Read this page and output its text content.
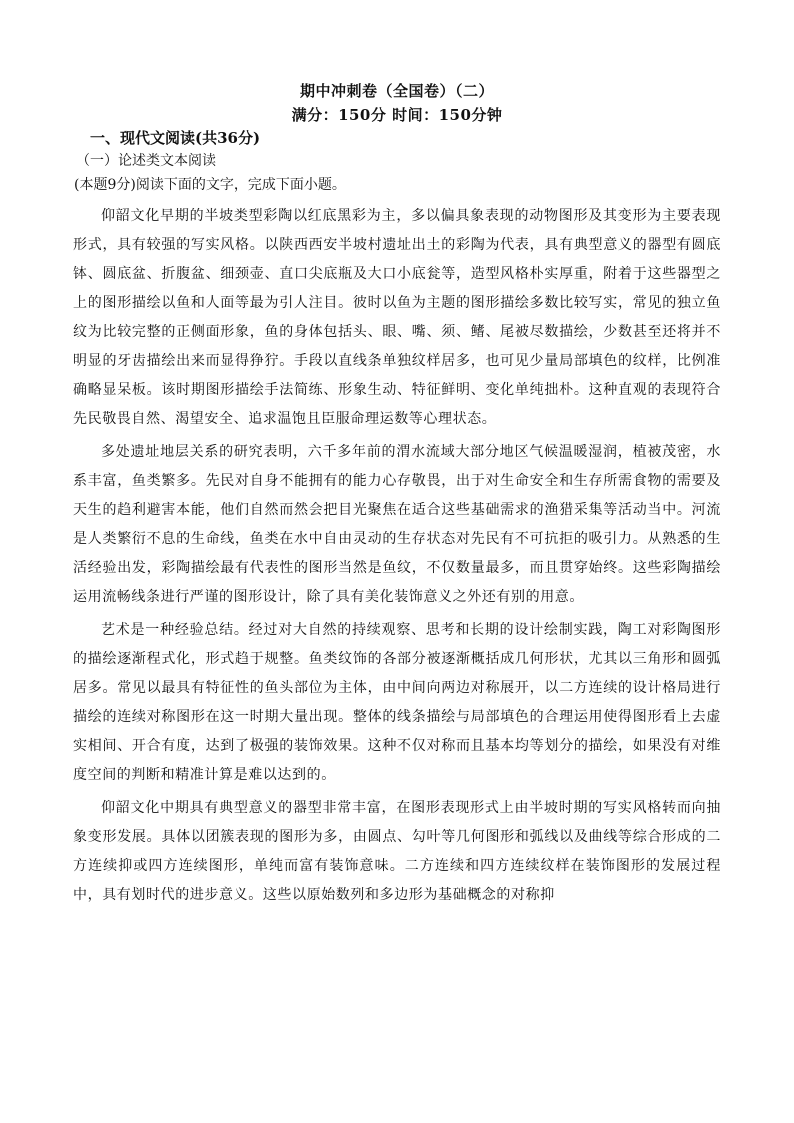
期中冲刺卷（全国卷）（二）
满分：150分 时间：150分钟
一、现代文阅读(共36分)
（一）论述类文本阅读
(本题9分)阅读下面的文字，完成下面小题。

仰韶文化早期的半坡类型彩陶以红底黑彩为主，多以偏具象表现的动物图形及其变形为主要表现形式，具有较强的写实风格。以陕西西安半坡村遗址出土的彩陶为代表，具有典型意义的器型有圆底钵、圆底盆、折腹盆、细颈壶、直口尖底瓶及大口小底瓮等，造型风格朴实厚重，附着于这些器型之上的图形描绘以鱼和人面等最为引人注目。彼时以鱼为主题的图形描绘多数比较写实，常见的独立鱼纹为比较完整的正侧面形象，鱼的身体包括头、眼、嘴、须、鳍、尾被尽数描绘，少数甚至还将并不明显的牙齿描绘出来而显得狰狞。手段以直线条单独纹样居多，也可见少量局部填色的纹样，比例准确略显呆板。该时期图形描绘手法简练、形象生动、特征鲜明、变化单纯拙朴。这种直观的表现符合先民敬畏自然、渴望安全、追求温饱且臣服命理运数等心理状态。

多处遗址地层关系的研究表明，六千多年前的渭水流域大部分地区气候温暖湿润，植被茂密，水系丰富，鱼类繁多。先民对自身不能拥有的能力心存敬畏，出于对生命安全和生存所需食物的需要及天生的趋利避害本能，他们自然而然会把目光聚焦在适合这些基础需求的渔猎采集等活动当中。河流是人类繁衍不息的生命线，鱼类在水中自由灵动的生存状态对先民有不可抗拒的吸引力。从熟悉的生活经验出发，彩陶描绘最有代表性的图形当然是鱼纹，不仅数量最多，而且贯穿始终。这些彩陶描绘运用流畅线条进行严谨的图形设计，除了具有美化装饰意义之外还有别的用意。

艺术是一种经验总结。经过对大自然的持续观察、思考和长期的设计绘制实践，陶工对彩陶图形的描绘逐渐程式化，形式趋于规整。鱼类纹饰的各部分被逐渐概括成几何形状，尤其以三角形和圆弧居多。常见以最具有特征性的鱼头部位为主体，由中间向两边对称展开，以二方连续的设计格局进行描绘的连续对称图形在这一时期大量出现。整体的线条描绘与局部填色的合理运用使得图形看上去虚实相间、开合有度，达到了极强的装饰效果。这种不仅对称而且基本均等划分的描绘，如果没有对维度空间的判断和精准计算是难以达到的。

仰韶文化中期具有典型意义的器型非常丰富，在图形表现形式上由半坡时期的写实风格转而向抽象变形发展。具体以团簇表现的图形为多，由圆点、勾叶等几何图形和弧线以及曲线等综合形成的二方连续抑或四方连续图形，单纯而富有装饰意味。二方连续和四方连续纹样在装饰图形的发展过程中，具有划时代的进步意义。这些以原始数列和多边形为基础概念的对称抑
